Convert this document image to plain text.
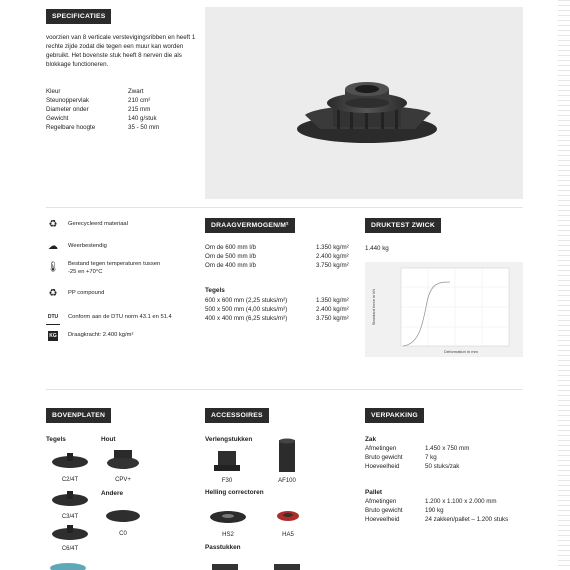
SPECIFICATIES
voorzien van 8 verticale verstevigingsribben en heeft 1 rechte zijde zodat die tegen een muur kan worden gebruikt. Het bovenste stuk heeft 8 nerven die als blokkage functioneren.
Kleur	Zwart
Steunoppervlak	210 cm²
Diameter onder	215 mm
Gewicht	140 g/stuk
Regelbare hoogte	35 - 50 mm
♻	Gerecycleerd materiaal
☁	Weerbestendig
🌡 Bestand tegen temperaturen tussen
-25 en +70°C
♻	PP compound
DTU	Conform aan de DTU norm 43.1 en 51.4
KG Draagkracht: 2.400 kg/m²
DRAAGVERMOGEN/M²
Om de 600 mm l/b	1.350 kg/m²
Om de 500 mm l/b	2.400 kg/m²
Om de 400 mm l/b	3.750 kg/m²
Tegels
600 x 600 mm (2,25 stuks/m²)	1.350 kg/m²
500 x 500 mm (4,00 stuks/m²)	2.400 kg/m²
400 x 400 mm (6,25 stuks/m²)	3.750 kg/m²
DRUKTEST ZWICK
1.440 kg
Deformation in mm
Standard force in kN
BOVENPLATEN
Tegels	Hout
C2/4T	CPV+
Andere
C3/4T
C0
C6/4T
ACCESSOIRES
Verlengstukken
F30	AF100
Helling correctoren
HS2	HA5
Passtukken
VERPAKKING
Zak
Afmetingen	1.450 x 750 mm
Bruto gewicht	7 kg
Hoeveelheid	50 stuks/zak
Pallet
Afmetingen	1.200 x 1.100 x 2.000 mm
Bruto gewicht	190 kg
Hoeveelheid	24 zakken/pallet – 1.200 stuks
